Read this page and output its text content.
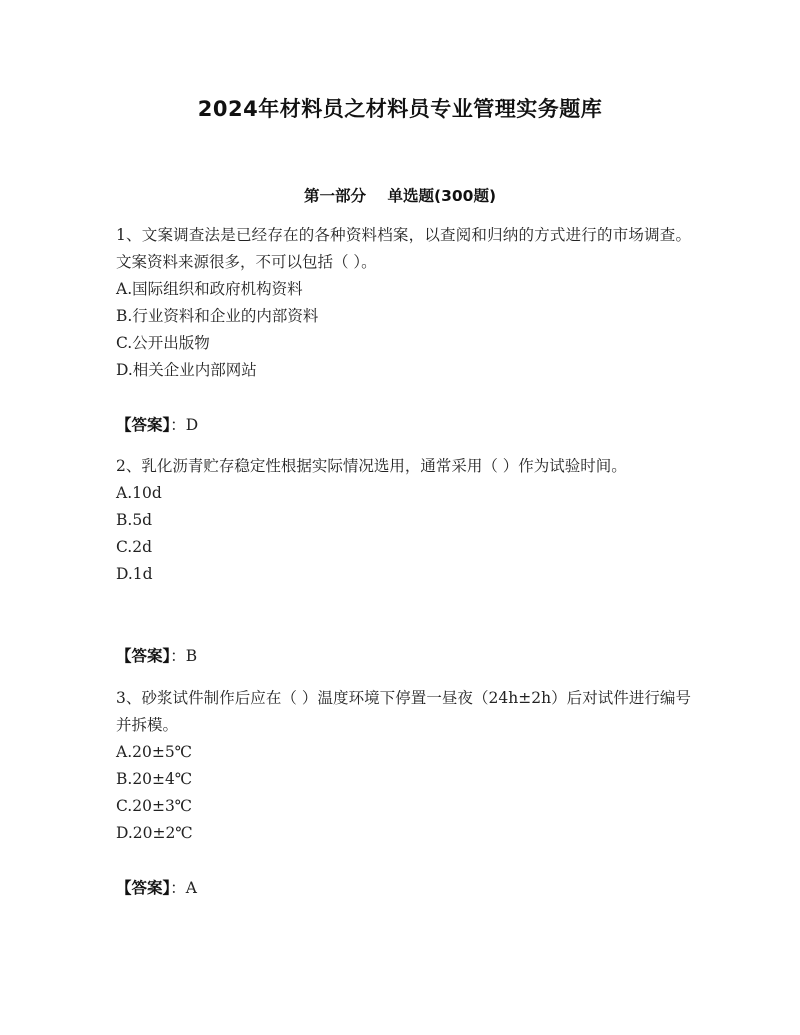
2024年材料员之材料员专业管理实务题库
第一部分    单选题(300题)
1、文案调查法是已经存在的各种资料档案，以查阅和归纳的方式进行的市场调查。文案资料来源很多，不可以包括（ ）。
A.国际组织和政府机构资料
B.行业资料和企业的内部资料
C.公开出版物
D.相关企业内部网站
【答案】：D
2、乳化沥青贮存稳定性根据实际情况选用，通常采用（ ）作为试验时间。
A.10d
B.5d
C.2d
D.1d
【答案】：B
3、砂浆试件制作后应在（ ）温度环境下停置一昼夜（24h±2h）后对试件进行编号并拆模。
A.20±5℃
B.20±4℃
C.20±3℃
D.20±2℃
【答案】：A
